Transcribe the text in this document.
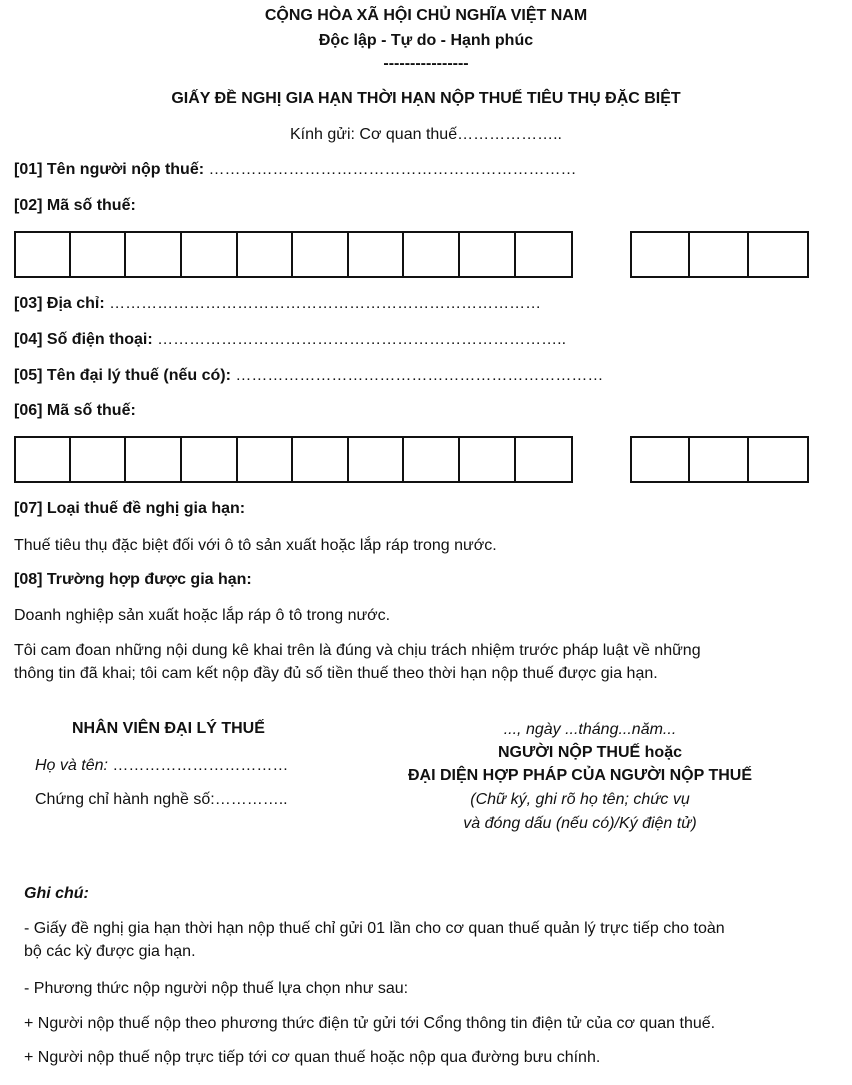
CỘNG HÒA XÃ HỘI CHỦ NGHĨA VIỆT NAM
Độc lập - Tự do - Hạnh phúc
----------------
GIẤY ĐỀ NGHỊ GIA HẠN THỜI HẠN NỘP THUẾ TIÊU THỤ ĐẶC BIỆT
Kính gửi: Cơ quan thuế………………..
[01] Tên người nộp thuế: ……………………………………………………………
[02] Mã số thuế:
[03] Địa chỉ: ………………………………………………………………………
[04] Số điện thoại: …………………………………………………………………..
[05] Tên đại lý thuế (nếu có): ……………………………………………………………
[06] Mã số thuế:
[07] Loại thuế đề nghị gia hạn:
Thuế tiêu thụ đặc biệt đối với ô tô sản xuất hoặc lắp ráp trong nước.
[08] Trường hợp được gia hạn:
Doanh nghiệp sản xuất hoặc lắp ráp ô tô trong nước.
Tôi cam đoan những nội dung kê khai trên là đúng và chịu trách nhiệm trước pháp luật về những
thông tin đã khai; tôi cam kết nộp đầy đủ số tiền thuế theo thời hạn nộp thuế được gia hạn.
NHÂN VIÊN ĐẠI LÝ THUẾ
Họ và tên: ……………………………
Chứng chỉ hành nghề số:…………..
..., ngày ...tháng...năm...
NGƯỜI NỘP THUẾ hoặc
ĐẠI DIỆN HỢP PHÁP CỦA NGƯỜI NỘP THUẾ
(Chữ ký, ghi rõ họ tên; chức vụ
và đóng dấu (nếu có)/Ký điện tử)
Ghi chú:
- Giấy đề nghị gia hạn thời hạn nộp thuế chỉ gửi 01 lần cho cơ quan thuế quản lý trực tiếp cho toàn
bộ các kỳ được gia hạn.
- Phương thức nộp người nộp thuế lựa chọn như sau:
+ Người nộp thuế nộp theo phương thức điện tử gửi tới Cổng thông tin điện tử của cơ quan thuế.
+ Người nộp thuế nộp trực tiếp tới cơ quan thuế hoặc nộp qua đường bưu chính.
